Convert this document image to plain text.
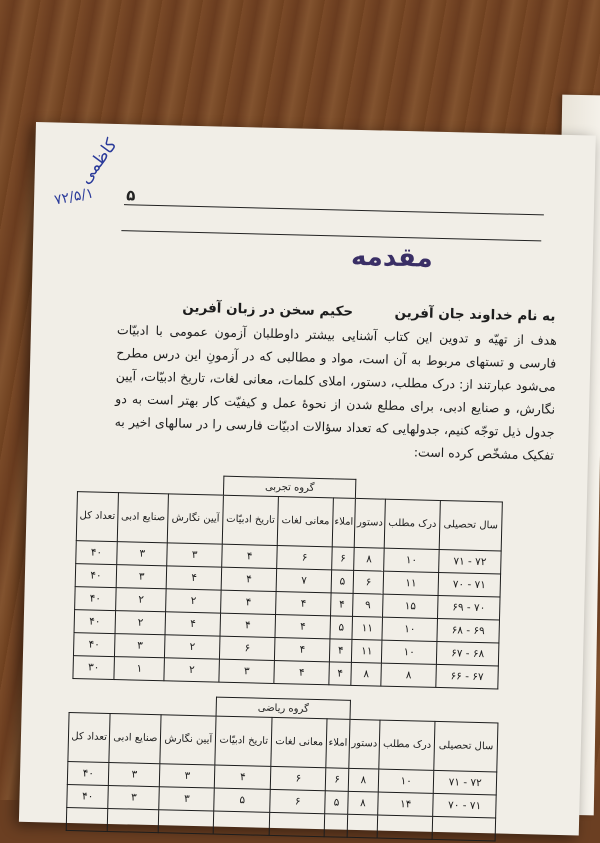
کاظمی
۷۲/۵/۱ ۵
مقدمه
به نام خداوند جان آفرین  حکیم سخن در زبان آفرین
هدف از تهیّه و تدوین این کتاب آشنایی بیشتر داوطلبان آزمون عمومی با ادبیّات فارسی و تستهای مربوط به آن است، مواد و مطالبی که در آزمونِ این درس مطرح می‌شود عبارتند از: درک مطلب، دستور، املای کلمات، معانی لغات، تاریخ ادبیّات، آیین نگارش، و صنایع ادبی، برای مطلع شدن از نحوهٔ عمل و کیفیّت کار بهتر است به دو جدول ذیل توجّه کنیم، جدولهایی که تعداد سؤالات ادبیّات فارسی را در سالهای اخیر به تفکیک مشخّص کرده است:
			گروه تجربی					
سال تحصیلی	درک مطلب	دستور	املاء	معانی لغات	تاریخ ادبیّات	آیین نگارش	صنایع ادبی	تعداد کل
۷۲ - ۷۱	۱۰	۸	۶	۶	۴	۳	۳	۴۰
۷۱ - ۷۰	۱۱	۶	۵	۷	۴	۴	۳	۴۰
۷۰ - ۶۹	۱۵	۹	۴	۴	۴	۲	۲	۴۰
۶۹ - ۶۸	۱۰	۱۱	۵	۴	۴	۴	۲	۴۰
۶۸ - ۶۷	۱۰	۱۱	۴	۴	۶	۲	۳	۴۰
۶۷ - ۶۶	۸	۸	۴	۴	۳	۲	۱	۳۰
			گروه ریاضی					
سال تحصیلی	درک مطلب	دستور	املاء	معانی لغات	تاریخ ادبیّات	آیین نگارش	صنایع ادبی	تعداد کل
۷۲ - ۷۱	۱۰	۸	۶	۶	۴	۳	۳	۴۰
۷۱ - ۷۰	۱۴	۸	۵	۶	۵	۳	۳	۴۰
